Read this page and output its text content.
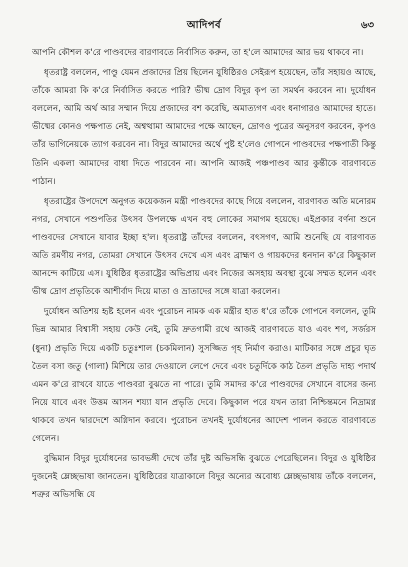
আদিপর্ব	৬৩

আপনি কৌশল ক'রে পাণ্ডবদের বারণাবতে নির্বাসিত করুন, তা হ'লে আমাদের আর ভয় থাকবে না।

ধৃতরাষ্ট্র বললেন, পাণ্ডু যেমন প্রজাদের প্রিয় ছিলেন যুধিষ্ঠিরও সেইরূপ হয়েছেন, তাঁর সহায়ও আছে, তাঁকে আমরা কি ক'রে নির্বাসিত করতে পারি? ভীষ্ম দ্রোণ বিদুর কৃপ তা সমর্থন করবেন না। দুর্যোধন বললেন, আমি অর্থ আর সম্মান দিয়ে প্রজাদের বশ করেছি, অমাত্যগণ এবং ধনাগারও আমাদের হাতে। ভীষ্মের কোনও পক্ষপাত নেই, অশ্বত্থামা আমাদের পক্ষে আছেন, দ্রোণও পুত্রের অনুসরণ করবেন, কৃপও তাঁর ভাগিনেয়কে ত্যাগ করবেন না। বিদুর আমাদের অর্থে পুষ্ট হ'লেও গোপনে পাণ্ডবদের পক্ষপাতী কিন্তু তিনি একলা আমাদের বাধা দিতে পারবেন না। আপনি আজই পঞ্চপাণ্ডব আর কুন্তীকে বারণাবতে পাঠান।

ধৃতরাষ্ট্রের উপদেশে অনুগত কয়েকজন মন্ত্রী পাণ্ডবদের কাছে গিয়ে বললেন, বারণাবত অতি মনোরম নগর, সেখানে পশুপতির উৎসব উপলক্ষে এখন বহু লোকের সমাগম হয়েছে। এইপ্রকার বর্ণনা শুনে পাণ্ডবদের সেখানে যাবার ইচ্ছা হ'ল। ধৃতরাষ্ট্র তাঁদের বললেন, বৎসগণ, আমি শুনেছি যে বারণাবত অতি রমণীয় নগর, তোমরা সেখানে উৎসব দেখে এস এবং ব্রাহ্মণ ও গায়কদের ধনদান ক'রে কিছুকাল আনন্দে কাটিয়ে এস। যুধিষ্ঠির ধৃতরাষ্ট্রের অভিপ্রায় এবং নিজের অসহায় অবস্থা বুঝে সম্মত হলেন এবং ভীষ্ম দ্রোণ প্রভৃতিকে আশীর্বাদ দিয়ে মাতা ও ভ্রাতাদের সঙ্গে যাত্রা করলেন।

দুর্যোধন অতিশয় হৃষ্ট হলেন এবং পুরোচন নামক এক মন্ত্রীর হাত ধ'রে তাঁকে গোপনে বললেন, তুমি ভিন্ন আমার বিশ্বাসী সহায় কেউ নেই, তুমি দ্রুতগামী রথে আজই বারণাবতে যাও এবং শণ, সর্জরস (ধুনা) প্রভৃতি দিয়ে একটি চতুঃশাল (চকমিলান) সুসজ্জিত গৃহ নির্মাণ করাও। মাটিকার সঙ্গে প্রচুর ঘৃত তৈল বসা জতু (গালা) মিশিয়ে তার দেওয়ালে লেপে দেবে এবং চতুর্দিকে কাঠ তৈল প্রভৃতি দাহ্য পদার্থ এমন ক'রে রাখবে যাতে পাণ্ডবরা বুঝতে না পারে। তুমি সমাদর ক'রে পাণ্ডবদের সেখানে বাসের জন্য নিয়ে যাবে এবং উত্তম আসন শয্যা যান প্রভৃতি দেবে। কিছুকাল পরে যখন তারা নিশ্চিন্তমনে নিদ্রামগ্ন থাকবে তখন দ্বারদেশে অগ্নিদান করবে। পুরোচন তখনই দুর্যোধনের আদেশ পালন করতে বারণাবতে গেলেন।

বুদ্ধিমান বিদুর দুর্যোধনের ভাবভঙ্গী দেখে তাঁর দুষ্ট অভিসন্ধি বুঝতে পেরেছিলেন। বিদুর ও যুধিষ্ঠির দুজনেই ম্লেচ্ছভাষা জানতেন। যুধিষ্ঠিরের যাত্রাকালে বিদুর অন্যের অবোধ্য ম্লেচ্ছভাষায় তাঁকে বললেন, শত্রুর অভিসন্ধি যে
